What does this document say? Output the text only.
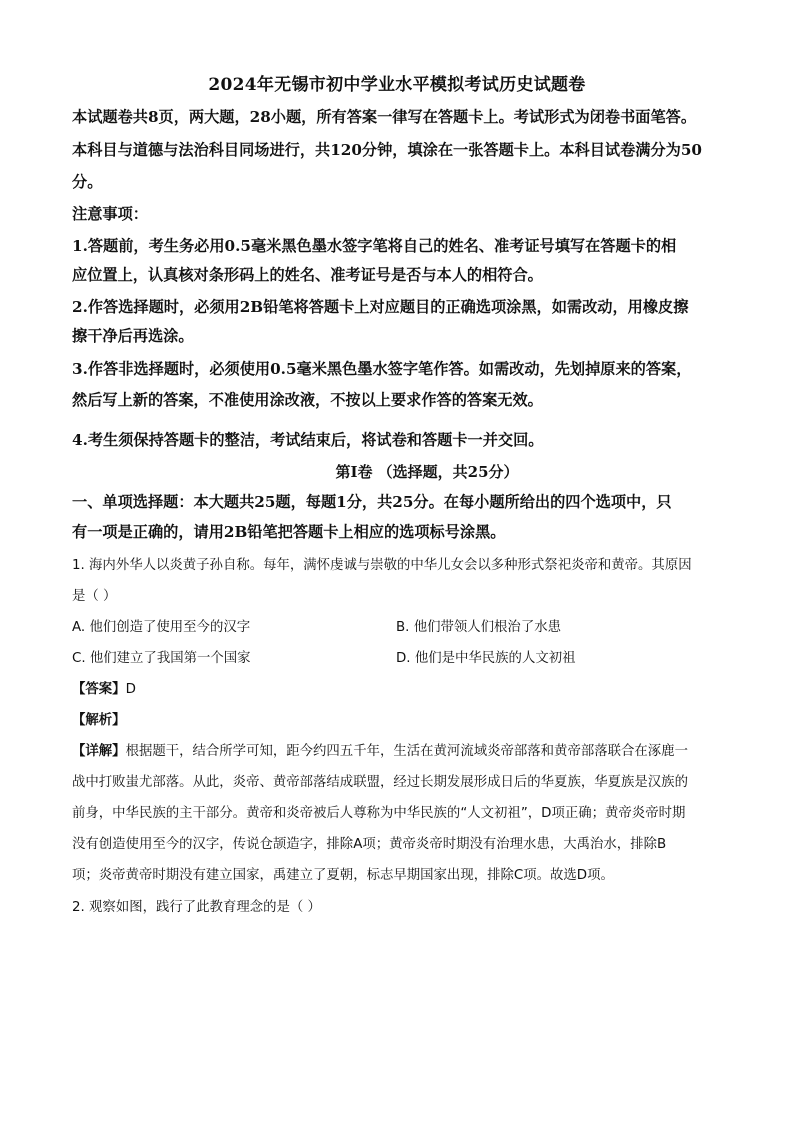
2024年无锡市初中学业水平模拟考试历史试题卷
本试题卷共8页，两大题，28小题，所有答案一律写在答题卡上。考试形式为闭卷书面笔答。
本科目与道德与法治科目同场进行，共120分钟，填涂在一张答题卡上。本科目试卷满分为50
分。
注意事项：
1.答题前，考生务必用0.5毫米黑色墨水签字笔将自己的姓名、准考证号填写在答题卡的相
应位置上，认真核对条形码上的姓名、准考证号是否与本人的相符合。
2.作答选择题时，必须用2B铅笔将答题卡上对应题目的正确选项涂黑，如需改动，用橡皮擦
擦干净后再选涂。
3.作答非选择题时，必须使用0.5毫米黑色墨水签字笔作答。如需改动，先划掉原来的答案，
然后写上新的答案，不准使用涂改液，不按以上要求作答的答案无效。
4.考生须保持答题卡的整洁，考试结束后，将试卷和答题卡一并交回。
第Ⅰ卷 （选择题，共25分）
一、单项选择题：本大题共25题，每题1分，共25分。在每小题所给出的四个选项中，只
有一项是正确的，请用2B铅笔把答题卡上相应的选项标号涂黑。
1. 海内外华人以炎黄子孙自称。每年，满怀虔诚与崇敬的中华儿女会以多种形式祭祀炎帝和黄帝。其原因
是（ ）
A. 他们创造了使用至今的汉字	B. 他们带领人们根治了水患
C. 他们建立了我国第一个国家	D. 他们是中华民族的人文初祖
【答案】D
【解析】
【详解】根据题干，结合所学可知，距今约四五千年，生活在黄河流域炎帝部落和黄帝部落联合在涿鹿一
战中打败蚩尤部落。从此，炎帝、黄帝部落结成联盟，经过长期发展形成日后的华夏族，华夏族是汉族的
前身，中华民族的主干部分。黄帝和炎帝被后人尊称为中华民族的“人文初祖”，D项正确；黄帝炎帝时期
没有创造使用至今的汉字，传说仓颉造字，排除A项；黄帝炎帝时期没有治理水患，大禹治水，排除B
项；炎帝黄帝时期没有建立国家，禹建立了夏朝，标志早期国家出现，排除C项。故选D项。
2. 观察如图，践行了此教育理念的是（ ）
